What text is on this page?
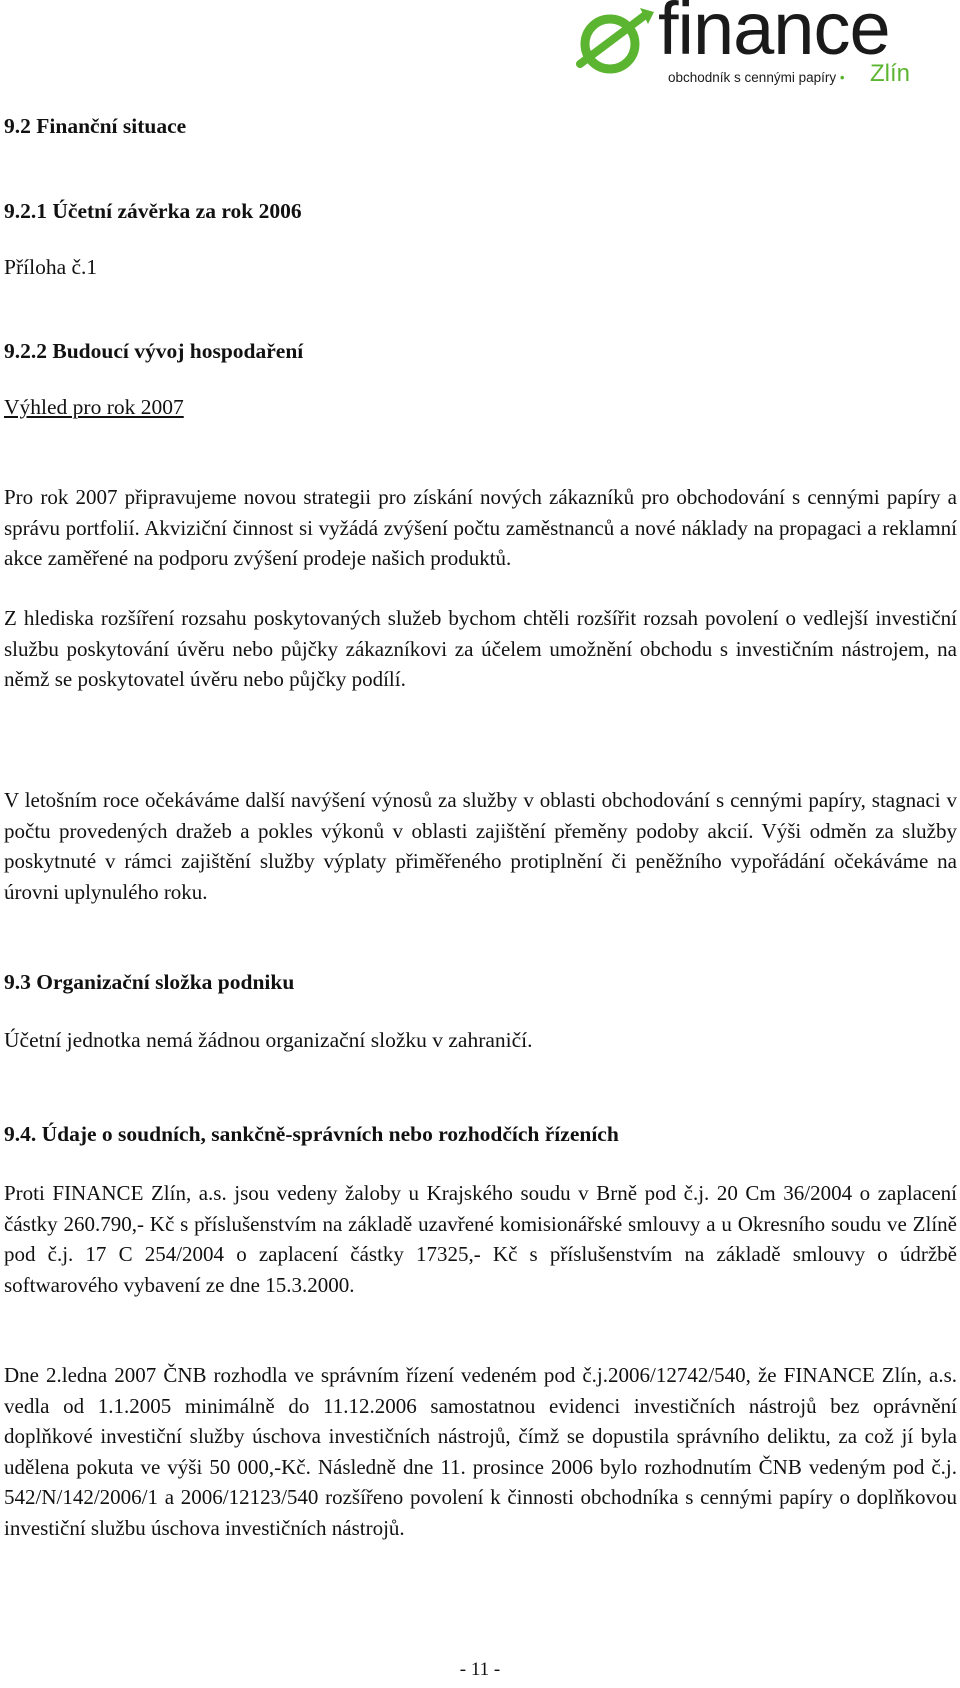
finance
obchodník s cennými papíry • Zlín
9.2 Finanční situace
9.2.1 Účetní závěrka za rok 2006
Příloha č.1
9.2.2 Budoucí vývoj hospodaření
Výhled pro rok 2007

Pro rok 2007 připravujeme novou strategii pro získání nových zákazníků pro obchodování s cennými papíry a správu portfolií. Akviziční činnost si vyžádá zvýšení počtu zaměstnanců a nové náklady na propagaci a reklamní akce zaměřené na podporu zvýšení prodeje našich produktů.

Z hlediska rozšíření rozsahu poskytovaných služeb bychom chtěli rozšířit rozsah povolení o vedlejší investiční službu poskytování úvěru nebo půjčky zákazníkovi za účelem umožnění obchodu s investičním nástrojem, na němž se poskytovatel úvěru nebo půjčky podílí.

V letošním roce očekáváme další navýšení výnosů za služby v oblasti obchodování s cennými papíry, stagnaci v počtu provedených dražeb a pokles výkonů v oblasti zajištění přeměny podoby akcií. Výši odměn za služby poskytnuté v rámci zajištění služby výplaty přiměřeného protiplnění či peněžního vypořádání očekáváme na úrovni uplynulého roku.

9.3 Organizační složka podniku
Účetní jednotka nemá žádnou organizační složku v zahraničí.
9.4. Údaje o soudních, sankčně-správních nebo rozhodčích řízeních

Proti FINANCE Zlín, a.s. jsou vedeny žaloby u Krajského soudu v Brně pod č.j. 20 Cm 36/2004 o zaplacení částky 260.790,- Kč s příslušenstvím na základě uzavřené komisionářské smlouvy a u Okresního soudu ve Zlíně pod č.j. 17 C 254/2004 o zaplacení částky 17325,- Kč s příslušenstvím na základě smlouvy o údržbě softwarového vybavení ze dne 15.3.2000.

Dne 2.ledna 2007 ČNB rozhodla ve správním řízení vedeném pod č.j.2006/12742/540, že FINANCE Zlín, a.s. vedla od 1.1.2005 minimálně do 11.12.2006 samostatnou evidenci investičních nástrojů bez oprávnění doplňkové investiční služby úschova investičních nástrojů, čímž se dopustila správního deliktu, za což jí byla udělena pokuta ve výši 50 000,-Kč. Následně dne 11. prosince 2006 bylo rozhodnutím ČNB vedeným pod č.j. 542/N/142/2006/1 a 2006/12123/540 rozšířeno povolení k činnosti obchodníka s cennými papíry o doplňkovou investiční službu úschova investičních nástrojů.

- 11 -
